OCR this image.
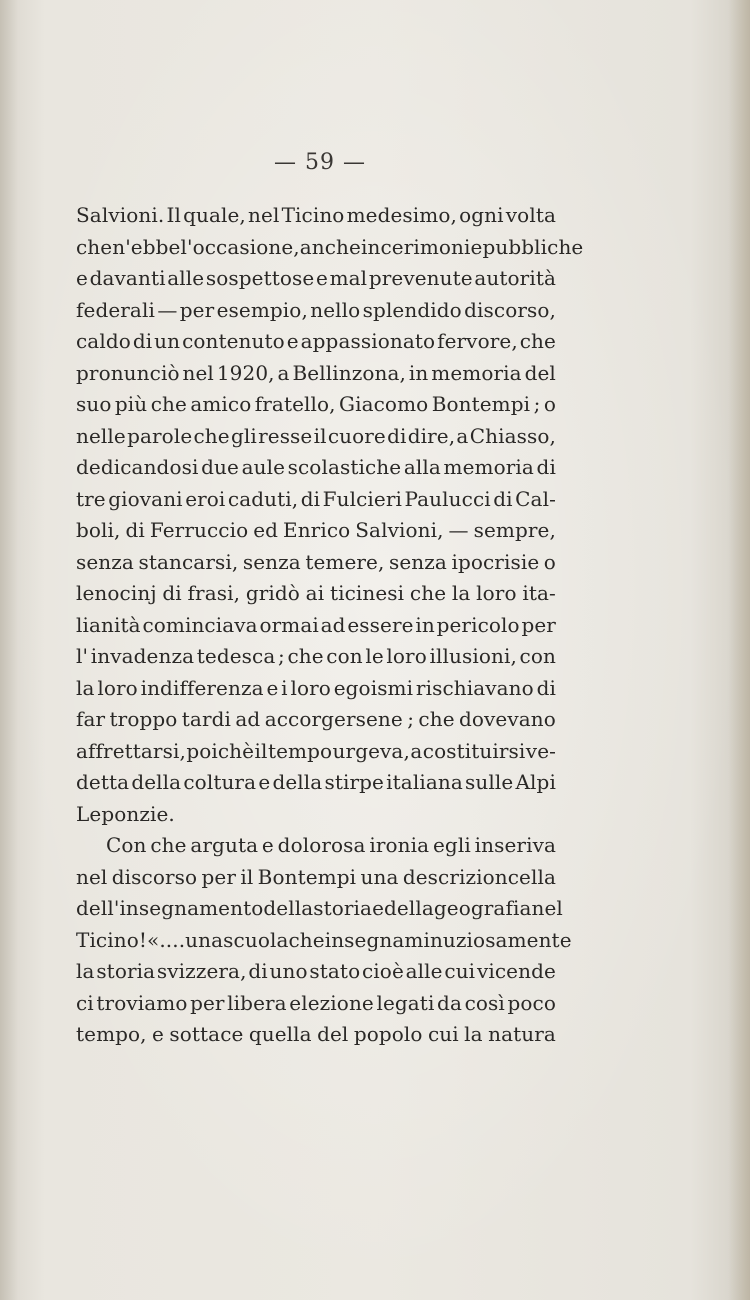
— 59 —
Salvioni. Il quale, nel Ticino medesimo, ogni volta
che n'ebbe l'occasione, anche in cerimonie pubbliche
e davanti alle sospettose e mal prevenute autorità
federali — per esempio, nello splendido discorso,
caldo di un contenuto e appassionato fervore, che
pronunciò nel 1920, a Bellinzona, in memoria del
suo più che amico fratello, Giacomo Bontempi ; o
nelle parole che gli resse il cuore di dire, a Chiasso,
dedicandosi due aule scolastiche alla memoria di
tre giovani eroi caduti, di Fulcieri Paulucci di Cal-
boli, di Ferruccio ed Enrico Salvioni, — sempre,
senza stancarsi, senza temere, senza ipocrisie o
lenocinj di frasi, gridò ai ticinesi che la loro ita-
lianità cominciava ormai ad essere in pericolo per
l' invadenza tedesca ; che con le loro illusioni, con
la loro indifferenza e i loro egoismi rischiavano di
far troppo tardi ad accorgersene ; che dovevano
affrettarsi, poichè il tempo urgeva, a costituirsi ve-
detta della coltura e della stirpe italiana sulle Alpi
Leponzie.
Con che arguta e dolorosa ironia egli inseriva
nel discorso per il Bontempi una descrizioncella
dell' insegnamento della storia e della geografia nel
Ticino ! « ....una scuola che insegna minuziosamente
la storia svizzera, di uno stato cioè alle cui vicende
ci troviamo per libera elezione legati da così poco
tempo, e sottace quella del popolo cui la natura
